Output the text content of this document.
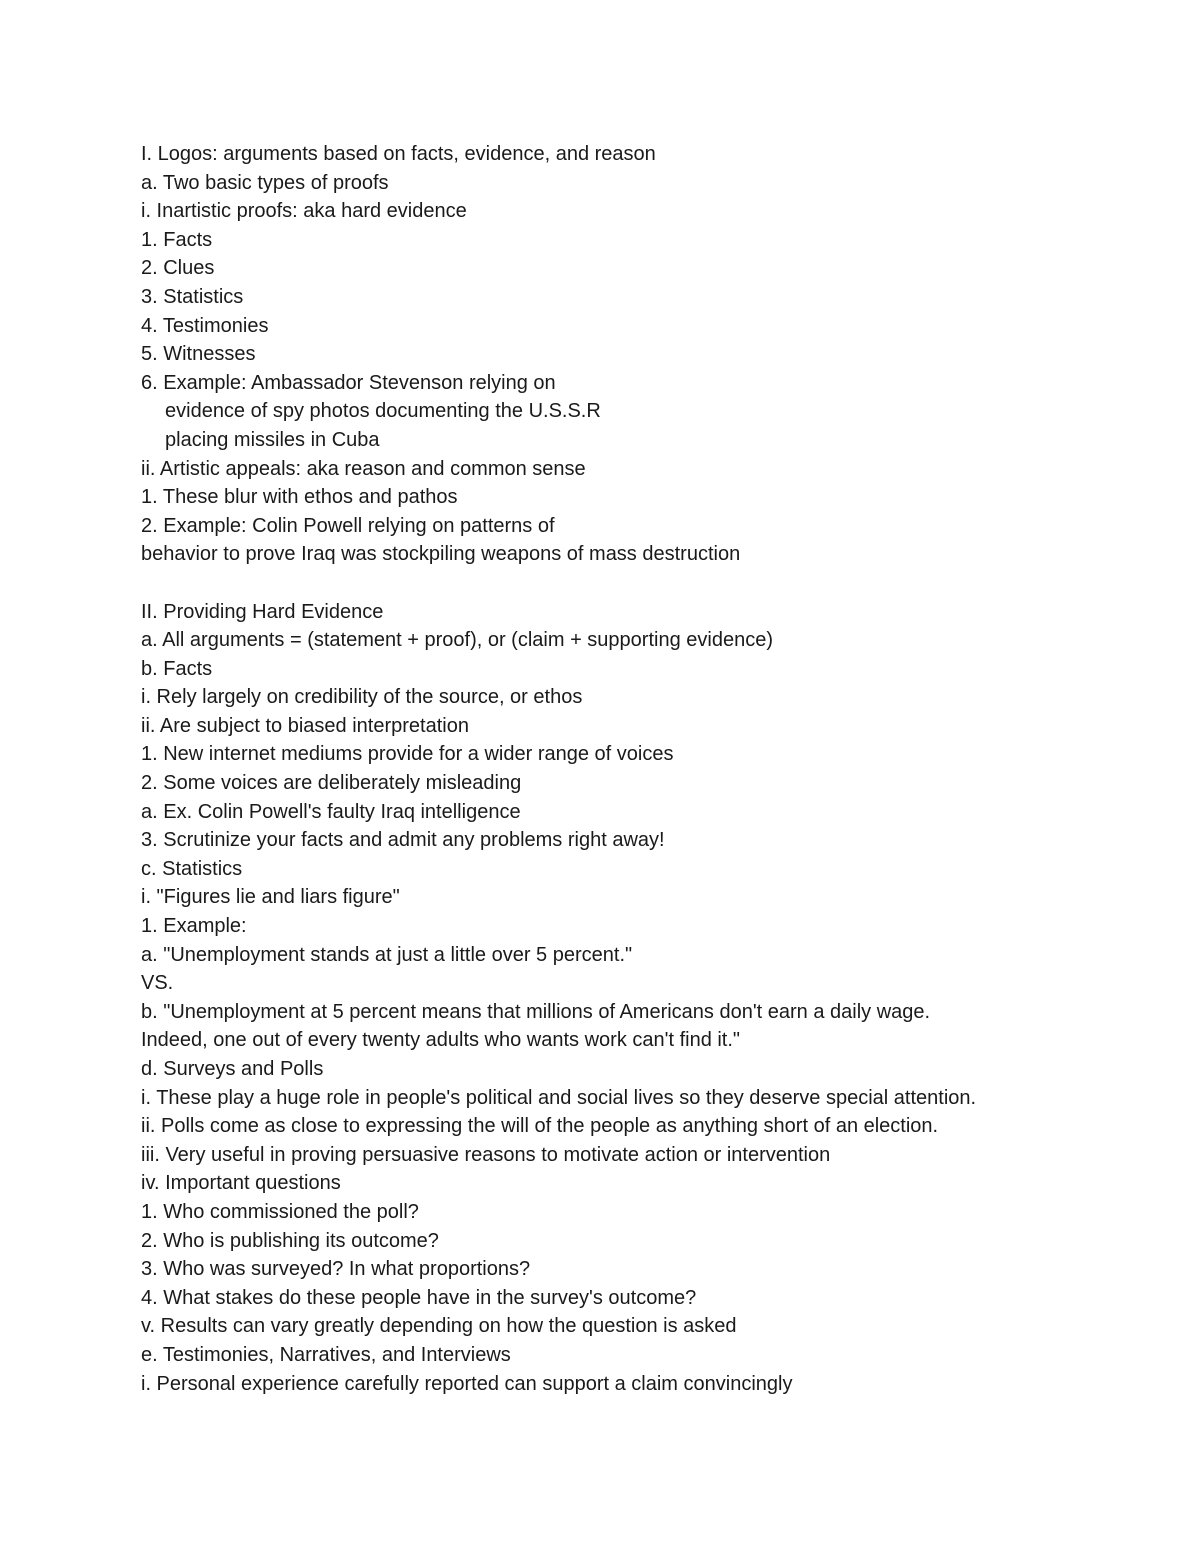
I. Logos: arguments based on facts, evidence, and reason
a. Two basic types of proofs
i. Inartistic proofs: aka hard evidence
1. Facts
2. Clues
3. Statistics
4. Testimonies
5. Witnesses
6. Example: Ambassador Stevenson relying on
evidence of spy photos documenting the U.S.S.R
placing missiles in Cuba
ii. Artistic appeals: aka reason and common sense
1. These blur with ethos and pathos
2. Example: Colin Powell relying on patterns of
behavior to prove Iraq was stockpiling weapons of mass destruction
II. Providing Hard Evidence
a. All arguments = (statement + proof), or (claim + supporting evidence)
b. Facts
i. Rely largely on credibility of the source, or ethos
ii. Are subject to biased interpretation
1. New internet mediums provide for a wider range of voices
2. Some voices are deliberately misleading
a. Ex. Colin Powell's faulty Iraq intelligence
3. Scrutinize your facts and admit any problems right away!
c. Statistics
i. "Figures lie and liars figure"
1. Example:
a. "Unemployment stands at just a little over 5 percent."
VS.
b. "Unemployment at 5 percent means that millions of Americans don't earn a daily wage.
Indeed, one out of every twenty adults who wants work can't find it."
d. Surveys and Polls
i. These play a huge role in people's political and social lives so they deserve special attention.
ii. Polls come as close to expressing the will of the people as anything short of an election.
iii. Very useful in proving persuasive reasons to motivate action or intervention
iv. Important questions
1. Who commissioned the poll?
2. Who is publishing its outcome?
3. Who was surveyed? In what proportions?
4. What stakes do these people have in the survey's outcome?
v. Results can vary greatly depending on how the question is asked
e. Testimonies, Narratives, and Interviews
i. Personal experience carefully reported can support a claim convincingly
